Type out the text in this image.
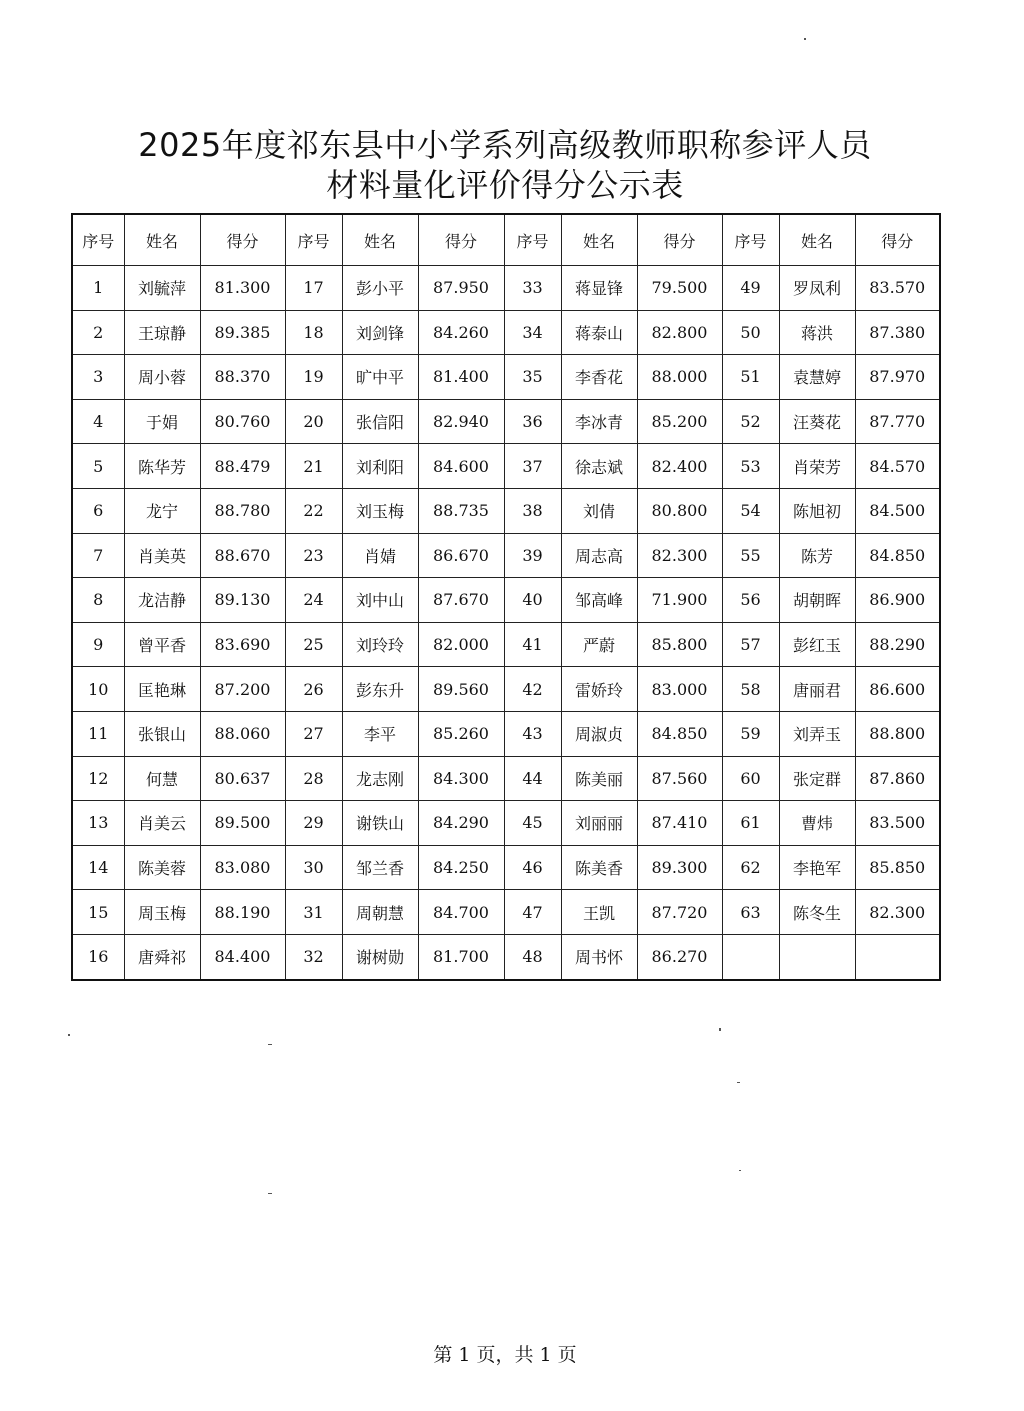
2025年度祁东县中小学系列高级教师职称参评人员
材料量化评价得分公示表
序号	姓名	得分	序号	姓名	得分	序号	姓名	得分	序号	姓名	得分
1	刘毓萍	81.300	17	彭小平	87.950	33	蒋显锋	79.500	49	罗凤利	83.570
2	王琼静	89.385	18	刘剑锋	84.260	34	蒋泰山	82.800	50	蒋洪	87.380
3	周小蓉	88.370	19	旷中平	81.400	35	李香花	88.000	51	袁慧婷	87.970
4	于娟	80.760	20	张信阳	82.940	36	李冰青	85.200	52	汪葵花	87.770
5	陈华芳	88.479	21	刘利阳	84.600	37	徐志斌	82.400	53	肖荣芳	84.570
6	龙宁	88.780	22	刘玉梅	88.735	38	刘倩	80.800	54	陈旭初	84.500
7	肖美英	88.670	23	肖婧	86.670	39	周志高	82.300	55	陈芳	84.850
8	龙洁静	89.130	24	刘中山	87.670	40	邹高峰	71.900	56	胡朝晖	86.900
9	曾平香	83.690	25	刘玲玲	82.000	41	严蔚	85.800	57	彭红玉	88.290
10	匡艳琳	87.200	26	彭东升	89.560	42	雷娇玲	83.000	58	唐丽君	86.600
11	张银山	88.060	27	李平	85.260	43	周淑贞	84.850	59	刘弄玉	88.800
12	何慧	80.637	28	龙志刚	84.300	44	陈美丽	87.560	60	张定群	87.860
13	肖美云	89.500	29	谢铁山	84.290	45	刘丽丽	87.410	61	曹炜	83.500
14	陈美蓉	83.080	30	邹兰香	84.250	46	陈美香	89.300	62	李艳军	85.850
15	周玉梅	88.190	31	周朝慧	84.700	47	王凯	87.720	63	陈冬生	82.300
16	唐舜祁	84.400	32	谢树勋	81.700	48	周书怀	86.270			
第 1 页，共 1 页
